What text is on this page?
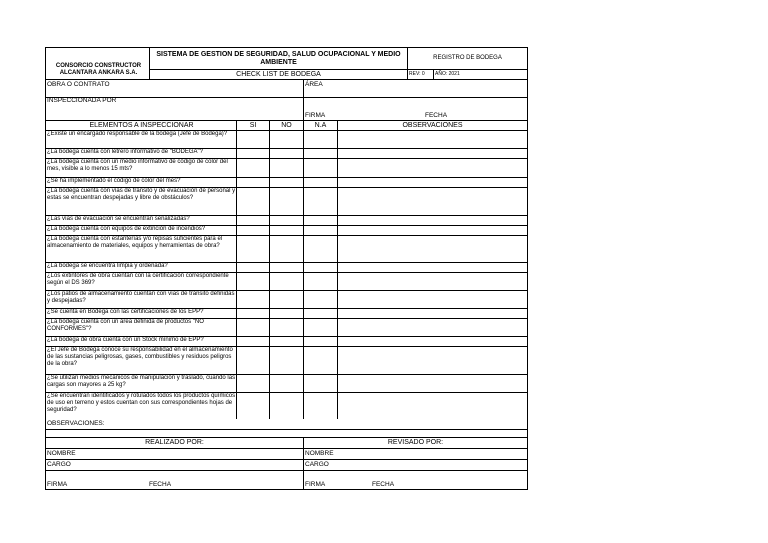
CONSORCIO CONSTRUCTOR
ALCANTARA ANKARA S.A.
SISTEMA DE GESTION DE SEGURIDAD, SALUD OCUPACIONAL Y MEDIO AMBIENTE
CHECK LIST DE BODEGA
REGISTRO DE BODEGA
REV: 0	AÑO: 2021
OBRA O CONTRATO	ÁREA
INSPECCIONADA POR
FIRMA	FECHA
ELEMENTOS A INSPECCIONAR	SI	NO	N.A	OBSERVACIONES
¿Existe un encargado responsable de la bodega (Jefe de Bodega)?
¿La bodega cuenta con letrero informativo de "BODEGA"?
¿La bodega cuenta con un medio informativo de código de color del mes, visible a lo menos 15 mts?
¿Se ha implementado el código de color del mes?
¿La bodega cuenta con vías de tránsito y de evacuación de personal y estas se encuentran despejadas y libre de obstáculos?
¿Las vías de evacuación se encuentran señalizadas?
¿La bodega cuenta con equipos de extinción de incendios?
¿La bodega cuenta con estanterías y/o repisas suficientes para el almacenamiento de materiales, equipos y herramientas de obra?
¿La bodega se encuentra limpia y ordenada?
¿Los extintores de obra cuentan con la certificación correspondiente según el DS 369?
¿Los patios de almacenamiento cuentan con vías de tránsito definidas y despejadas?
¿Se cuenta en Bodega con las certificaciones de los EPP?
¿La bodega cuenta con un área definida de productos "NO CONFORMES"?
¿La bodega de obra cuenta con un Stock mínimo de EPP?
¿El Jefe de Bodega conoce su responsabilidad en el almacenamiento de las sustancias peligrosas, gases, combustibles y residuos peligros de la obra?
¿Se utilizan medios mecánicos de manipulación y traslado, cuando las cargas son mayores a 25 kg?
¿Se encuentran identificados y rotulados todos los productos químicos de uso en terreno y estos cuentan con sus correspondientes hojas de seguridad?
OBSERVACIONES:
REALIZADO POR:	REVISADO POR:
NOMBRE	NOMBRE
CARGO	CARGO
FIRMA	FECHA	FIRMA	FECHA
